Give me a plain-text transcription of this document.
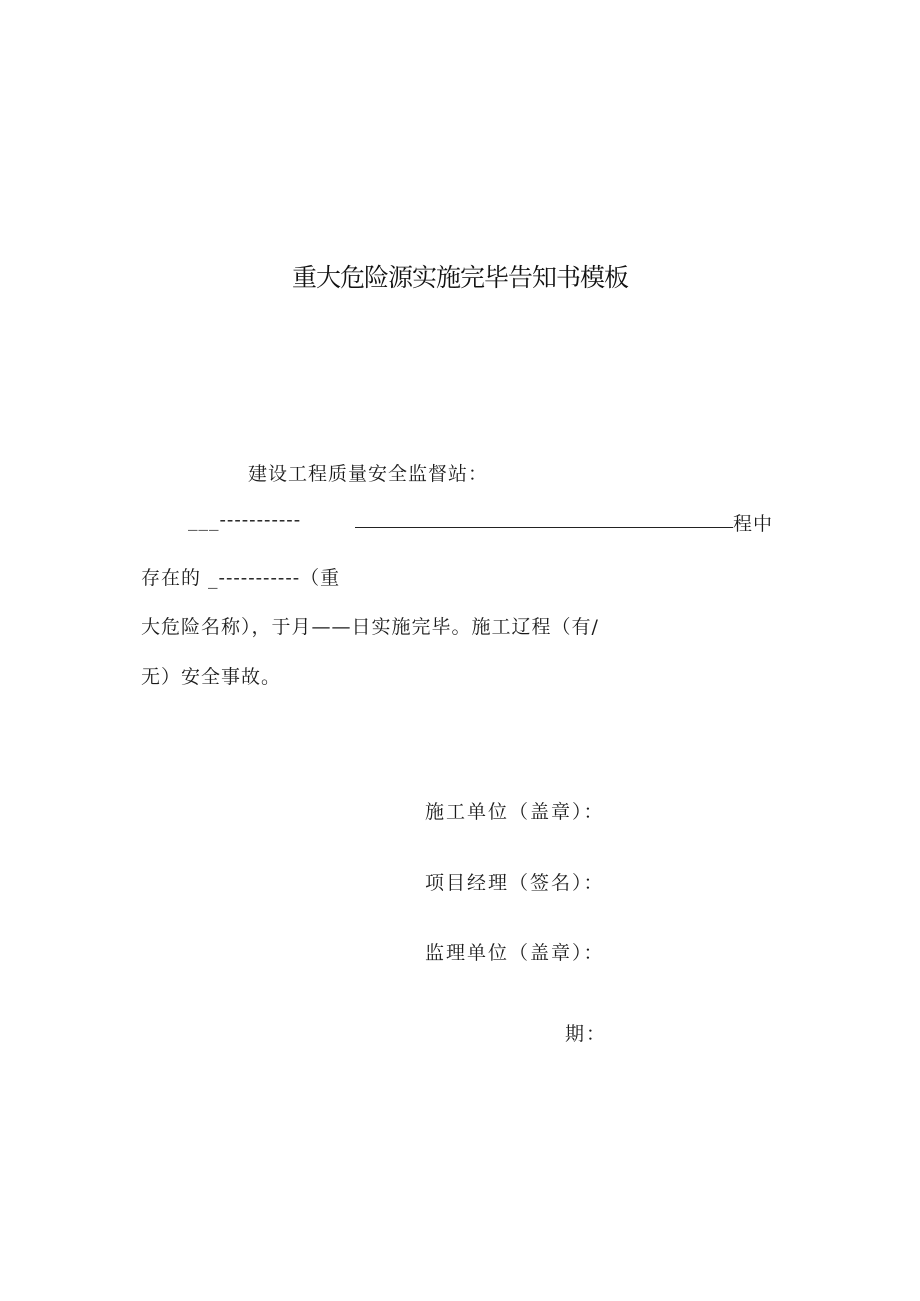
重大危险源实施完毕告知书模板
建设工程质量安全监督站：
___-----------	程中
存在的 _-----------（重
大危险名称），于月——日实施完毕。施工辽程（有/
无）安全事故。
施工单位（盖章）：
项目经理（签名）：
监理单位（盖章）：
期：
